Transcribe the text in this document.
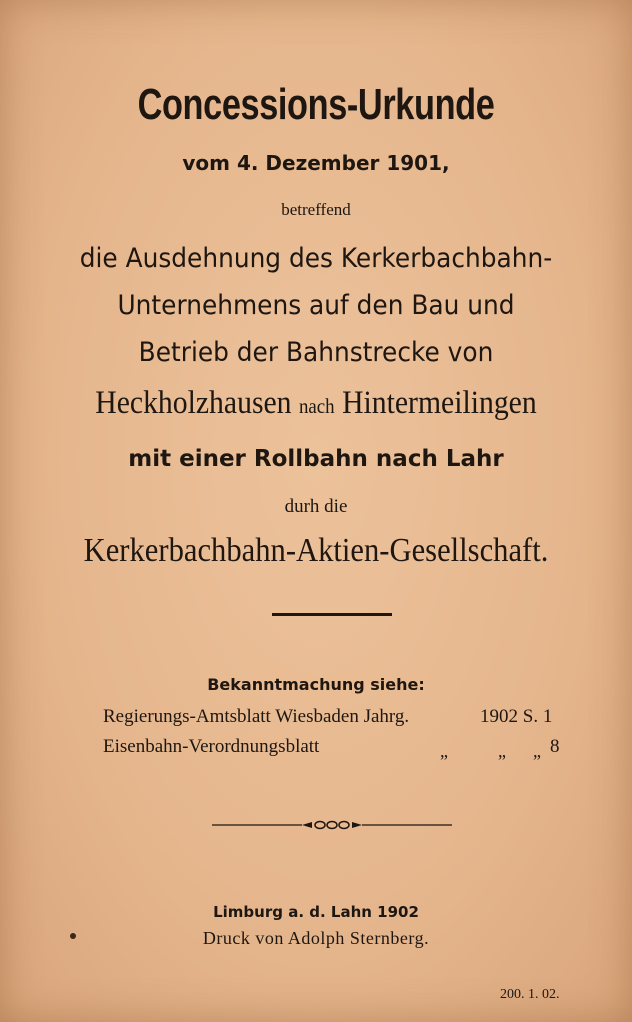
Concessions-Urkunde
vom 4. Dezember 1901,
betreffend
die Ausdehnung des Kerkerbachbahn-
Unternehmens auf den Bau und
Betrieb der Bahnstrecke von
Heckholzhausen nach Hintermeilingen
mit einer Rollbahn nach Lahr
durh die
Kerkerbachbahn-Aktien-Gesellschaft.
Bekanntmachung siehe:
Regierungs-Amtsblatt Wiesbaden Jahrg.	1902 S. 1
Eisenbahn-Verordnungsblatt	„	„ „ 8
Limburg a. d. Lahn 1902
Druck von Adolph Sternberg.
200. 1. 02.
